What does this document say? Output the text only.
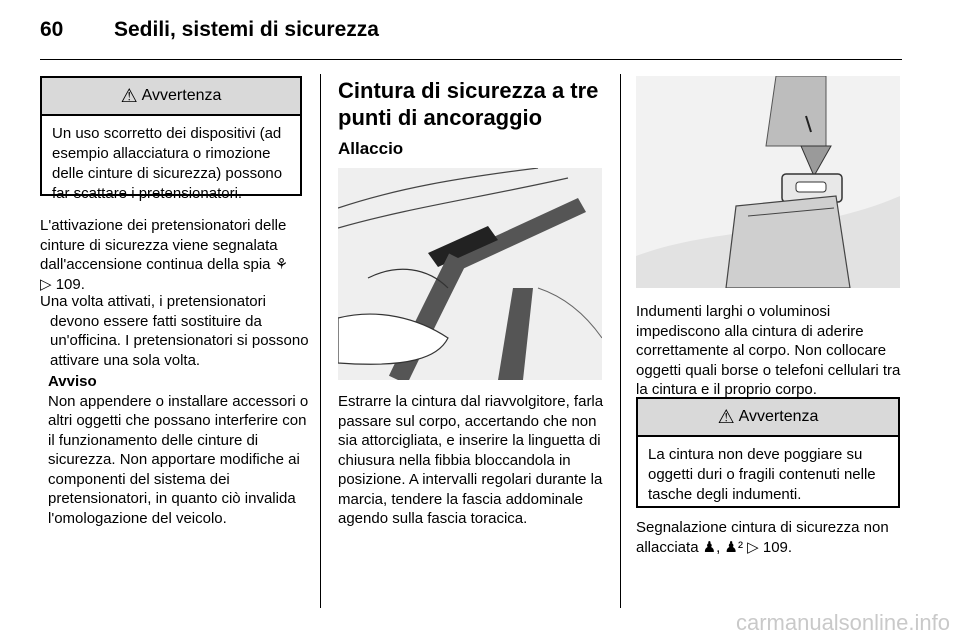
60 Sedili, sistemi di sicurezza
⚠ Avvertenza
Un uso scorretto dei dispositivi (ad esempio allacciatura o rimozione delle cinture di sicurezza) possono far scattare i pretensionatori.
L'attivazione dei pretensionatori delle cinture di sicurezza viene segnalata dall'accensione continua della spia ⚘
▷ 109.
Una volta attivati, i pretensionatori devono essere fatti sostituire da un'officina. I pretensionatori si possono attivare una sola volta.
Avviso
Non appendere o installare accessori o altri oggetti che possano interferire con il funzionamento delle cinture di sicurezza. Non apportare modifiche ai componenti del sistema dei pretensionatori, in quanto ciò invalida l'omologazione del veicolo.
Cintura di sicurezza a tre punti di ancoraggio
Allaccio
Estrarre la cintura dal riavvolgitore, farla passare sul corpo, accertando che non sia attorcigliata, e inserire la linguetta di chiusura nella fibbia bloccandola in posizione. A intervalli regolari durante la marcia, tendere la fascia addominale agendo sulla fascia toracica.
Indumenti larghi o voluminosi impediscono alla cintura di aderire correttamente al corpo. Non collocare oggetti quali borse o telefoni cellulari tra la cintura e il proprio corpo.
⚠ Avvertenza
La cintura non deve poggiare su oggetti duri o fragili contenuti nelle tasche degli indumenti.
Segnalazione cintura di sicurezza non allacciata ♟, ♟² ▷ 109.
carmanualsonline.info
